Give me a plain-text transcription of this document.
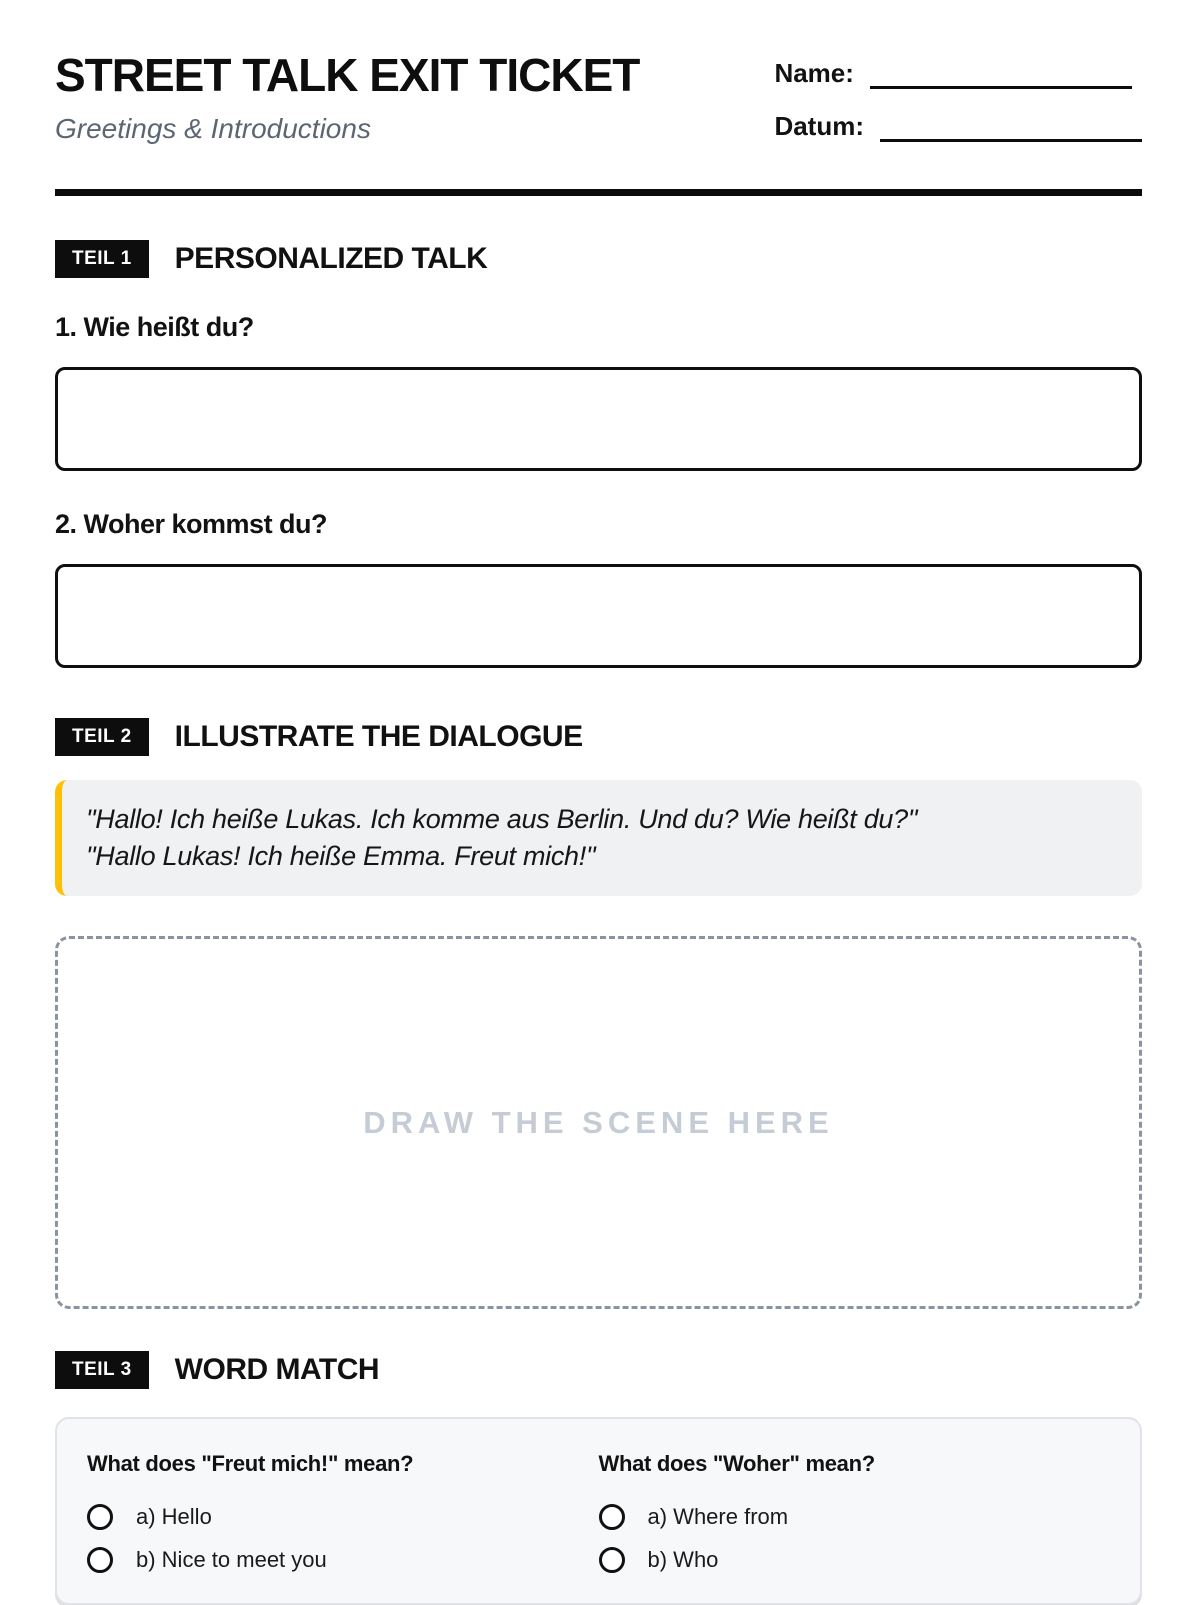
STREET TALK EXIT TICKET
Greetings & Introductions
Name:
Datum:
TEIL 1	PERSONALIZED TALK
1. Wie heißt du?
2. Woher kommst du?
TEIL 2	ILLUSTRATE THE DIALOGUE
"Hallo! Ich heiße Lukas. Ich komme aus Berlin. Und du? Wie heißt du?"
"Hallo Lukas! Ich heiße Emma. Freut mich!"
DRAW THE SCENE HERE
TEIL 3	WORD MATCH
What does "Freut mich!" mean?
a) Hello
b) Nice to meet you
What does "Woher" mean?
a) Where from
b) Who
